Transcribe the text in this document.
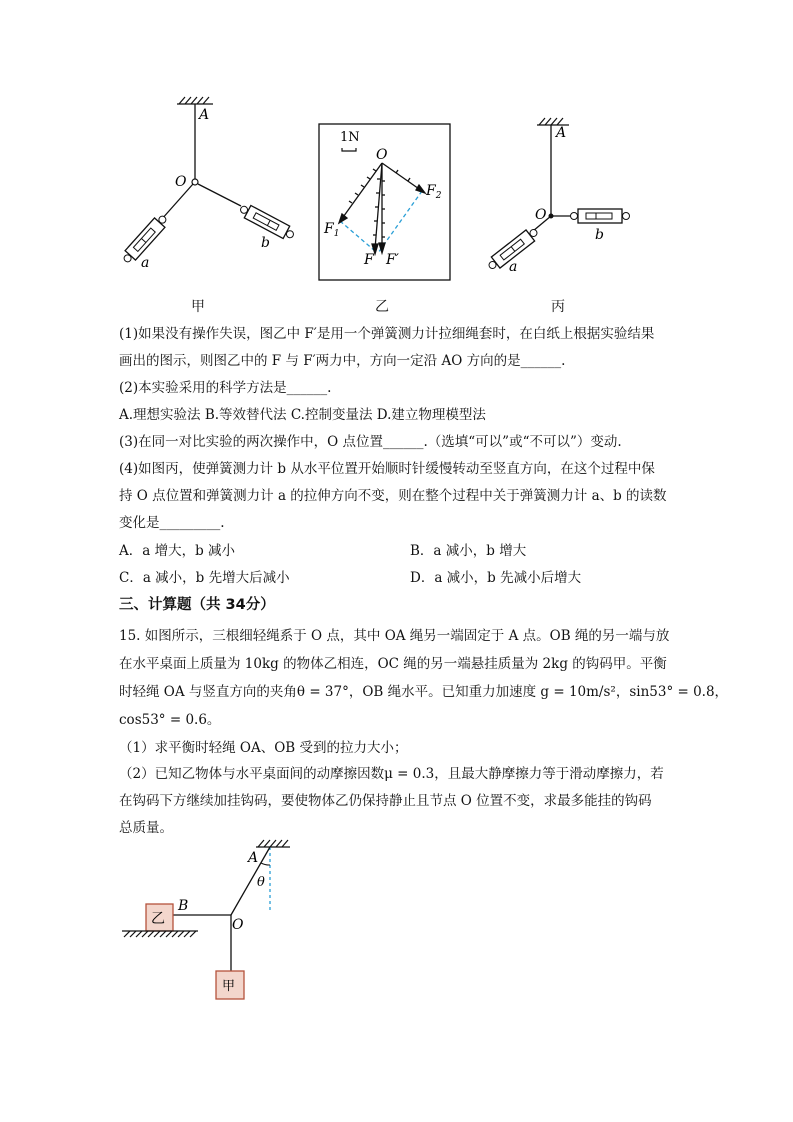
A
O
a
b
甲
1N
O
$F_1$
$F_2$
F F′
乙
A
O
a
b
丙
(1)如果没有操作失误，图乙中 F′是用一个弹簧测力计拉细绳套时，在白纸上根据实验结果
画出的图示，则图乙中的 F 与 F′两力中，方向一定沿 AO 方向的是______.
(2)本实验采用的科学方法是______.
A.理想实验法 B.等效替代法 C.控制变量法 D.建立物理模型法
(3)在同一对比实验的两次操作中，O 点位置______.（选填“可以”或“不可以”）变动.
(4)如图丙，使弹簧测力计 b 从水平位置开始顺时针缓慢转动至竖直方向，在这个过程中保
持 O 点位置和弹簧测力计 a 的拉伸方向不变，则在整个过程中关于弹簧测力计 a、b 的读数
变化是_________.
A．a 增大，b 减小	B．a 减小，b 增大
C．a 减小，b 先增大后减小	D．a 减小，b 先减小后增大
三、计算题（共 34分）
15. 如图所示，三根细轻绳系于 O 点，其中 OA 绳另一端固定于 A 点。OB 绳的另一端与放
在水平桌面上质量为 10kg 的物体乙相连，OC 绳的另一端悬挂质量为 2kg 的钩码甲。平衡
时轻绳 OA 与竖直方向的夹角θ = 37°，OB 绳水平。已知重力加速度 g = 10m/s²，sin53° = 0.8，
cos53° = 0.6。
（1）求平衡时轻绳 OA、OB 受到的拉力大小；
（2）已知乙物体与水平桌面间的动摩擦因数μ = 0.3，且最大静摩擦力等于滑动摩擦力，若
在钩码下方继续加挂钩码，要使物体乙仍保持静止且节点 O 位置不变，求最多能挂的钩码
总质量。
A
θ
B
O
乙
甲
